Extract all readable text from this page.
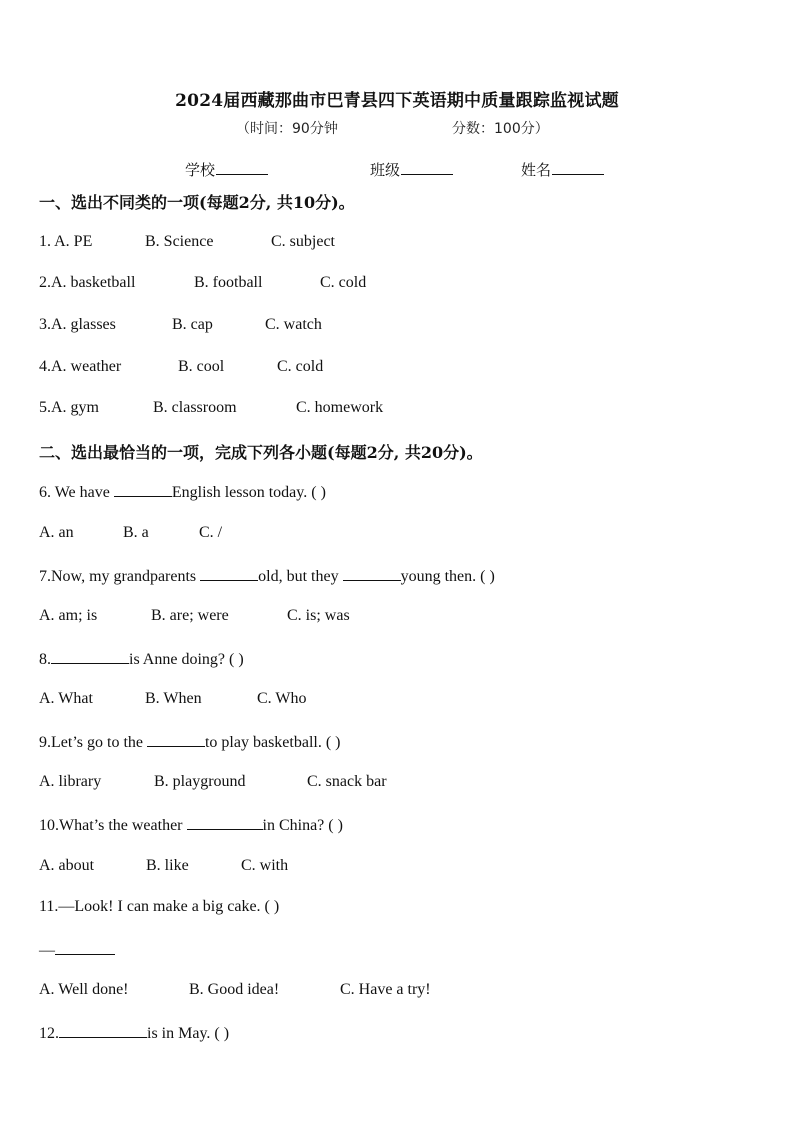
2024届西藏那曲市巴青县四下英语期中质量跟踪监视试题
（时间：90分钟	分数：100分）
学校	班级	姓名
一、选出不同类的一项(每题2分, 共10分)。
1. A. PE	B. Science	C. subject
2.A. basketball	B. football	C. cold
3.A. glasses	B. cap	C. watch
4.A. weather	B. cool	C. cold
5.A. gym	B. classroom	C. homework
二、选出最恰当的一项，完成下列各小题(每题2分, 共20分)。
6. We have	English lesson today. ( )
A. an	B. a	C. /
7.Now, my grandparents	old, but they	young then. ( )
A. am; is	B. are; were	C. is; was
8.	is Anne doing? ( )
A. What	B. When	C. Who
9.Let’s go to the	to play basketball. ( )
A. library	B. playground	C. snack bar
10.What’s the weather	in China? ( )
A. about	B. like	C. with
11.—Look! I can make a big cake. ( )
—
A. Well done!	B. Good idea!	C. Have a try!
12.	is in May. ( )
